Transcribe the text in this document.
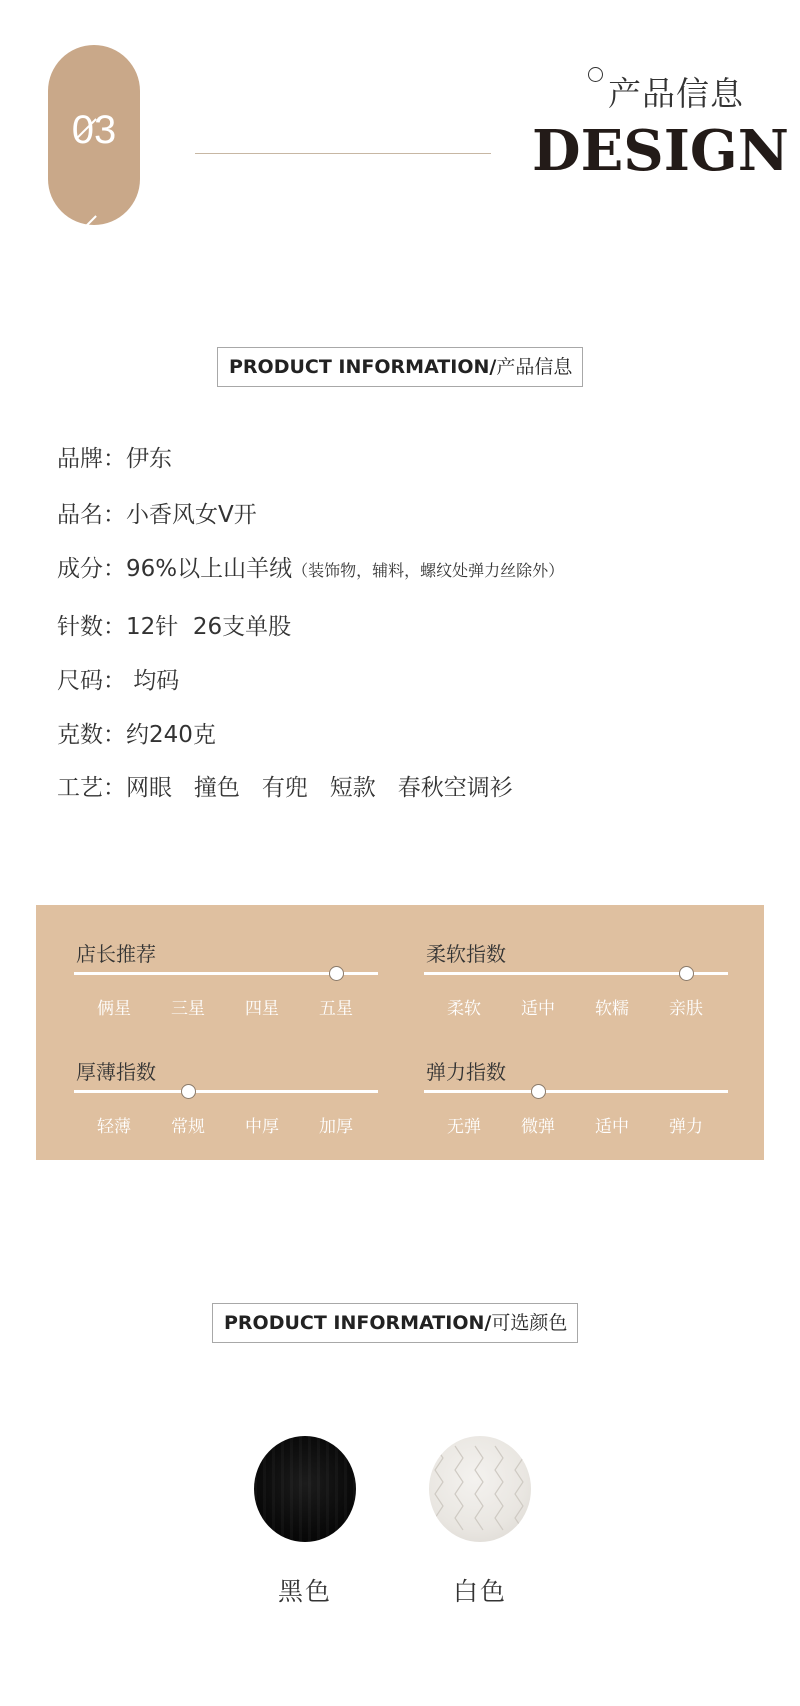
03
产品信息
DESIGN
PRODUCT INFORMATION/产品信息
品牌：伊东
品名：小香风女V开
成分：96%以上山羊绒（装饰物，辅料，螺纹处弹力丝除外）
针数：12针  26支单股
尺码： 均码
克数：约240克
工艺：网眼   撞色   有兜   短款   春秋空调衫
店长推荐
俩星	三星	四星	五星
柔软指数
柔软	适中	软糯	亲肤
厚薄指数
轻薄	常规	中厚	加厚
弹力指数
无弹	微弹	适中	弹力
PRODUCT INFORMATION/可选颜色
黑色	白色
